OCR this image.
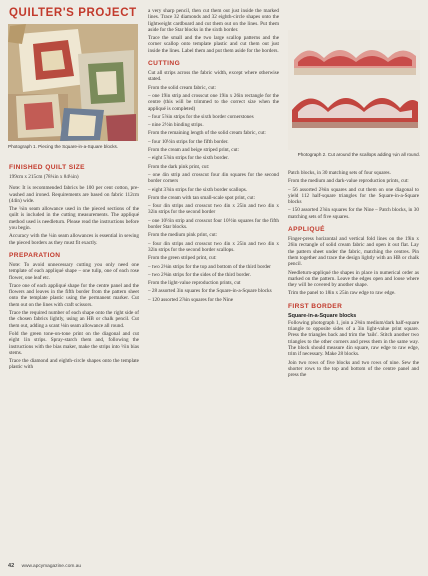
QUILTER'S PROJECT

Photograph 1. Piecing the Square-in-a-Square blocks.

FINISHED QUILT SIZE

199cm x 215cm (78¼in x 84¼in)

Note: It is recommended fabrics be 100 per cent cotton, pre-washed and ironed. Requirements are based on fabric 112cm (44in) wide.

The ¼in seam allowance used in the pieced sections of the quilt is included in the cutting measurements. The appliqué method used is needleturn. Please read the instructions before you begin.

Accuracy with the ¼in seam allowances is essential in sewing the pieced borders as they must fit exactly.

PREPARATION

Note: To avoid unnecessary cutting you only need one template of each appliqué shape – one tulip, one of each rose flower, one leaf etc.

Trace one of each appliqué shape for the centre panel and the flowers and leaves in the fifth border from the pattern sheet onto the template plastic using the permanent marker. Cut them out on the lines with craft scissors.

Trace the required number of each shape onto the right side of the chosen fabrics lightly, using an HB or chalk pencil. Cut them out, adding a scant ⅛in seam allowance all round.

Fold the green tone-on-tone print on the diagonal and cut eight 1in strips. Spray-starch them and, following the instructions with the bias maker, make the strips into ½in bias stems.

Trace the diamond and eighth-circle shapes onto the template plastic with

a very sharp pencil, then cut them out just inside the marked lines. Trace 32 diamonds and 32 eighth-circle shapes onto the lightweight cardboard and cut them out on the lines. Put them aside for the Star blocks in the sixth border.

Trace the small and the two large scallop patterns and the corner scallop onto template plastic and cut them out just inside the lines. Label them and put them aside for the borders.

CUTTING

Cut all strips across the fabric width, except where otherwise stated.

From the solid cream fabric, cut:

– one 19in strip and crosscut one 19in x 26in rectangle for the centre (this will be trimmed to the correct size when the appliqué is completed)

– four 5⅞in strips for the sixth border cornerstones

– nine 2½in binding strips.

From the remaining length of the solid cream fabric, cut:

– four 10½in strips for the fifth border.

From the cream and beige striped print, cut:

– eight 5⅞in strips for the sixth border.

From the dark pink print, cut:

– one 4in strip and crosscut four 4in squares for the second border corners

– eight 3⅞in strips for the sixth border scallops.

From the cream with tan small-scale spot print, cut:

– four 4in strips and crosscut two 4in x 25in and two 4in x 32in strips for the second border

– one 10½in strip and crosscut four 10½in squares for the fifth border Star blocks.

From the medium pink print, cut:

– four 4in strips and crosscut two 4in x 25in and two 4in x 32in strips for the second border scallops.

From the green striped print, cut:

– two 2⅛in strips for the top and bottom of the third border

– two 2⅝in strips for the sides of the third border.

From the light-value reproduction prints, cut

– 28 assorted 3in squares for the Square-in-a-Square blocks

– 120 assorted 2⅞in squares for the Nine

Photograph 2. Cut around the scallops adding ¼in all round.

Patch blocks, in 30 matching sets of four squares.

From the medium and dark-value reproduction prints, cut:

– 56 assorted 2⅜in squares and cut them on one diagonal to yield 112 half-square triangles for the Square-in-a-Square blocks

– 150 assorted 2⅞in squares for the Nine – Patch blocks, in 30 matching sets of five squares.

APPLIQUÉ

Finger-press horizontal and vertical fold lines on the 19in x 26in rectangle of solid cream fabric and open it out flat. Lay the pattern sheet under the fabric, matching the centres. Pin them together and trace the design lightly with an HB or chalk pencil.

Needleturn-appliqué the shapes in place in numerical order as marked on the pattern. Leave the edges open and loose where they will be covered by another shape.

Trim the panel to 18in x 25in raw edge to raw edge.

FIRST BORDER
Square-in-a-Square blocks

Following photograph 1, join a 2⅜in medium/dark half-square triangle to opposite sides of a 3in light-value print square. Press the triangles back and trim the 'tails'. Stitch another two triangles to the other corners and press them in the same way. The block should measure 4in square, raw edge to raw edge, trim if necessary. Make 28 blocks.

Join two rows of five blocks and two rows of nine. Sew the shorter rows to the top and bottom of the centre panel and press the

42 www.apcymagazine.com.au
